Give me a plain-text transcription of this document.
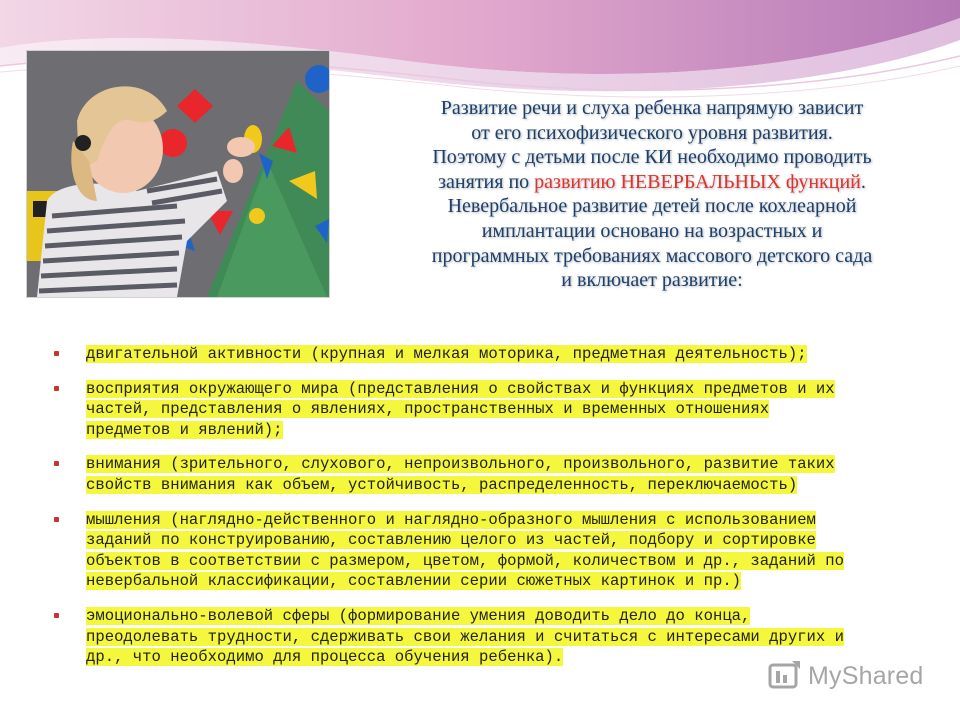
Развитие речи и слуха ребенка напрямую зависит
от его психофизического уровня развития.
Поэтому с детьми после КИ необходимо проводить
занятия по развитию НЕВЕРБАЛЬНЫХ функций.
Невербальное развитие детей после кохлеарной
имплантации основано на возрастных и
программных требованиях массового детского сада
и включает развитие:
двигательной активности (крупная и мелкая моторика, предметная деятельность);
восприятия окружающего мира (представления о свойствах и функциях предметов и их
частей, представления о явлениях, пространственных и временных отношениях
предметов и явлений);
внимания (зрительного, слухового, непроизвольного, произвольного, развитие таких
свойств внимания как объем, устойчивость, распределенность, переключаемость)
мышления (наглядно-действенного и наглядно-образного мышления с использованием
заданий по конструированию, составлению целого из частей, подбору и сортировке
объектов в соответствии с размером, цветом, формой, количеством и др., заданий по
невербальной классификации, составлении серии сюжетных картинок и пр.)
эмоционально-волевой сферы (формирование умения доводить дело до конца,
преодолевать трудности, сдерживать свои желания и считаться с интересами других и
др., что необходимо для процесса обучения ребенка).
MyShared
